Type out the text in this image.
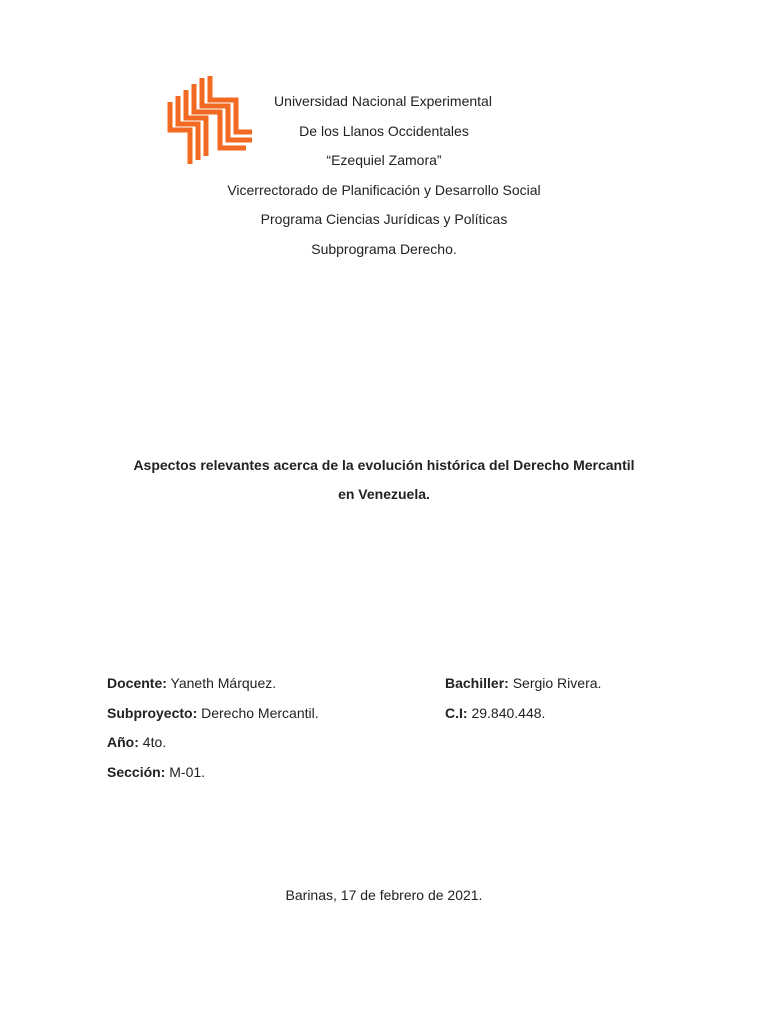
Universidad Nacional Experimental
De los Llanos Occidentales
“Ezequiel Zamora”
Vicerrectorado de Planificación y Desarrollo Social
Programa Ciencias Jurídicas y Políticas
Subprograma Derecho.
Aspectos relevantes acerca de la evolución histórica del Derecho Mercantil
en Venezuela.
Docente: Yaneth Márquez.
Subproyecto: Derecho Mercantil.
Año: 4to.
Sección: M-01.
Bachiller: Sergio Rivera.
C.I: 29.840.448.
Barinas, 17 de febrero de 2021.
